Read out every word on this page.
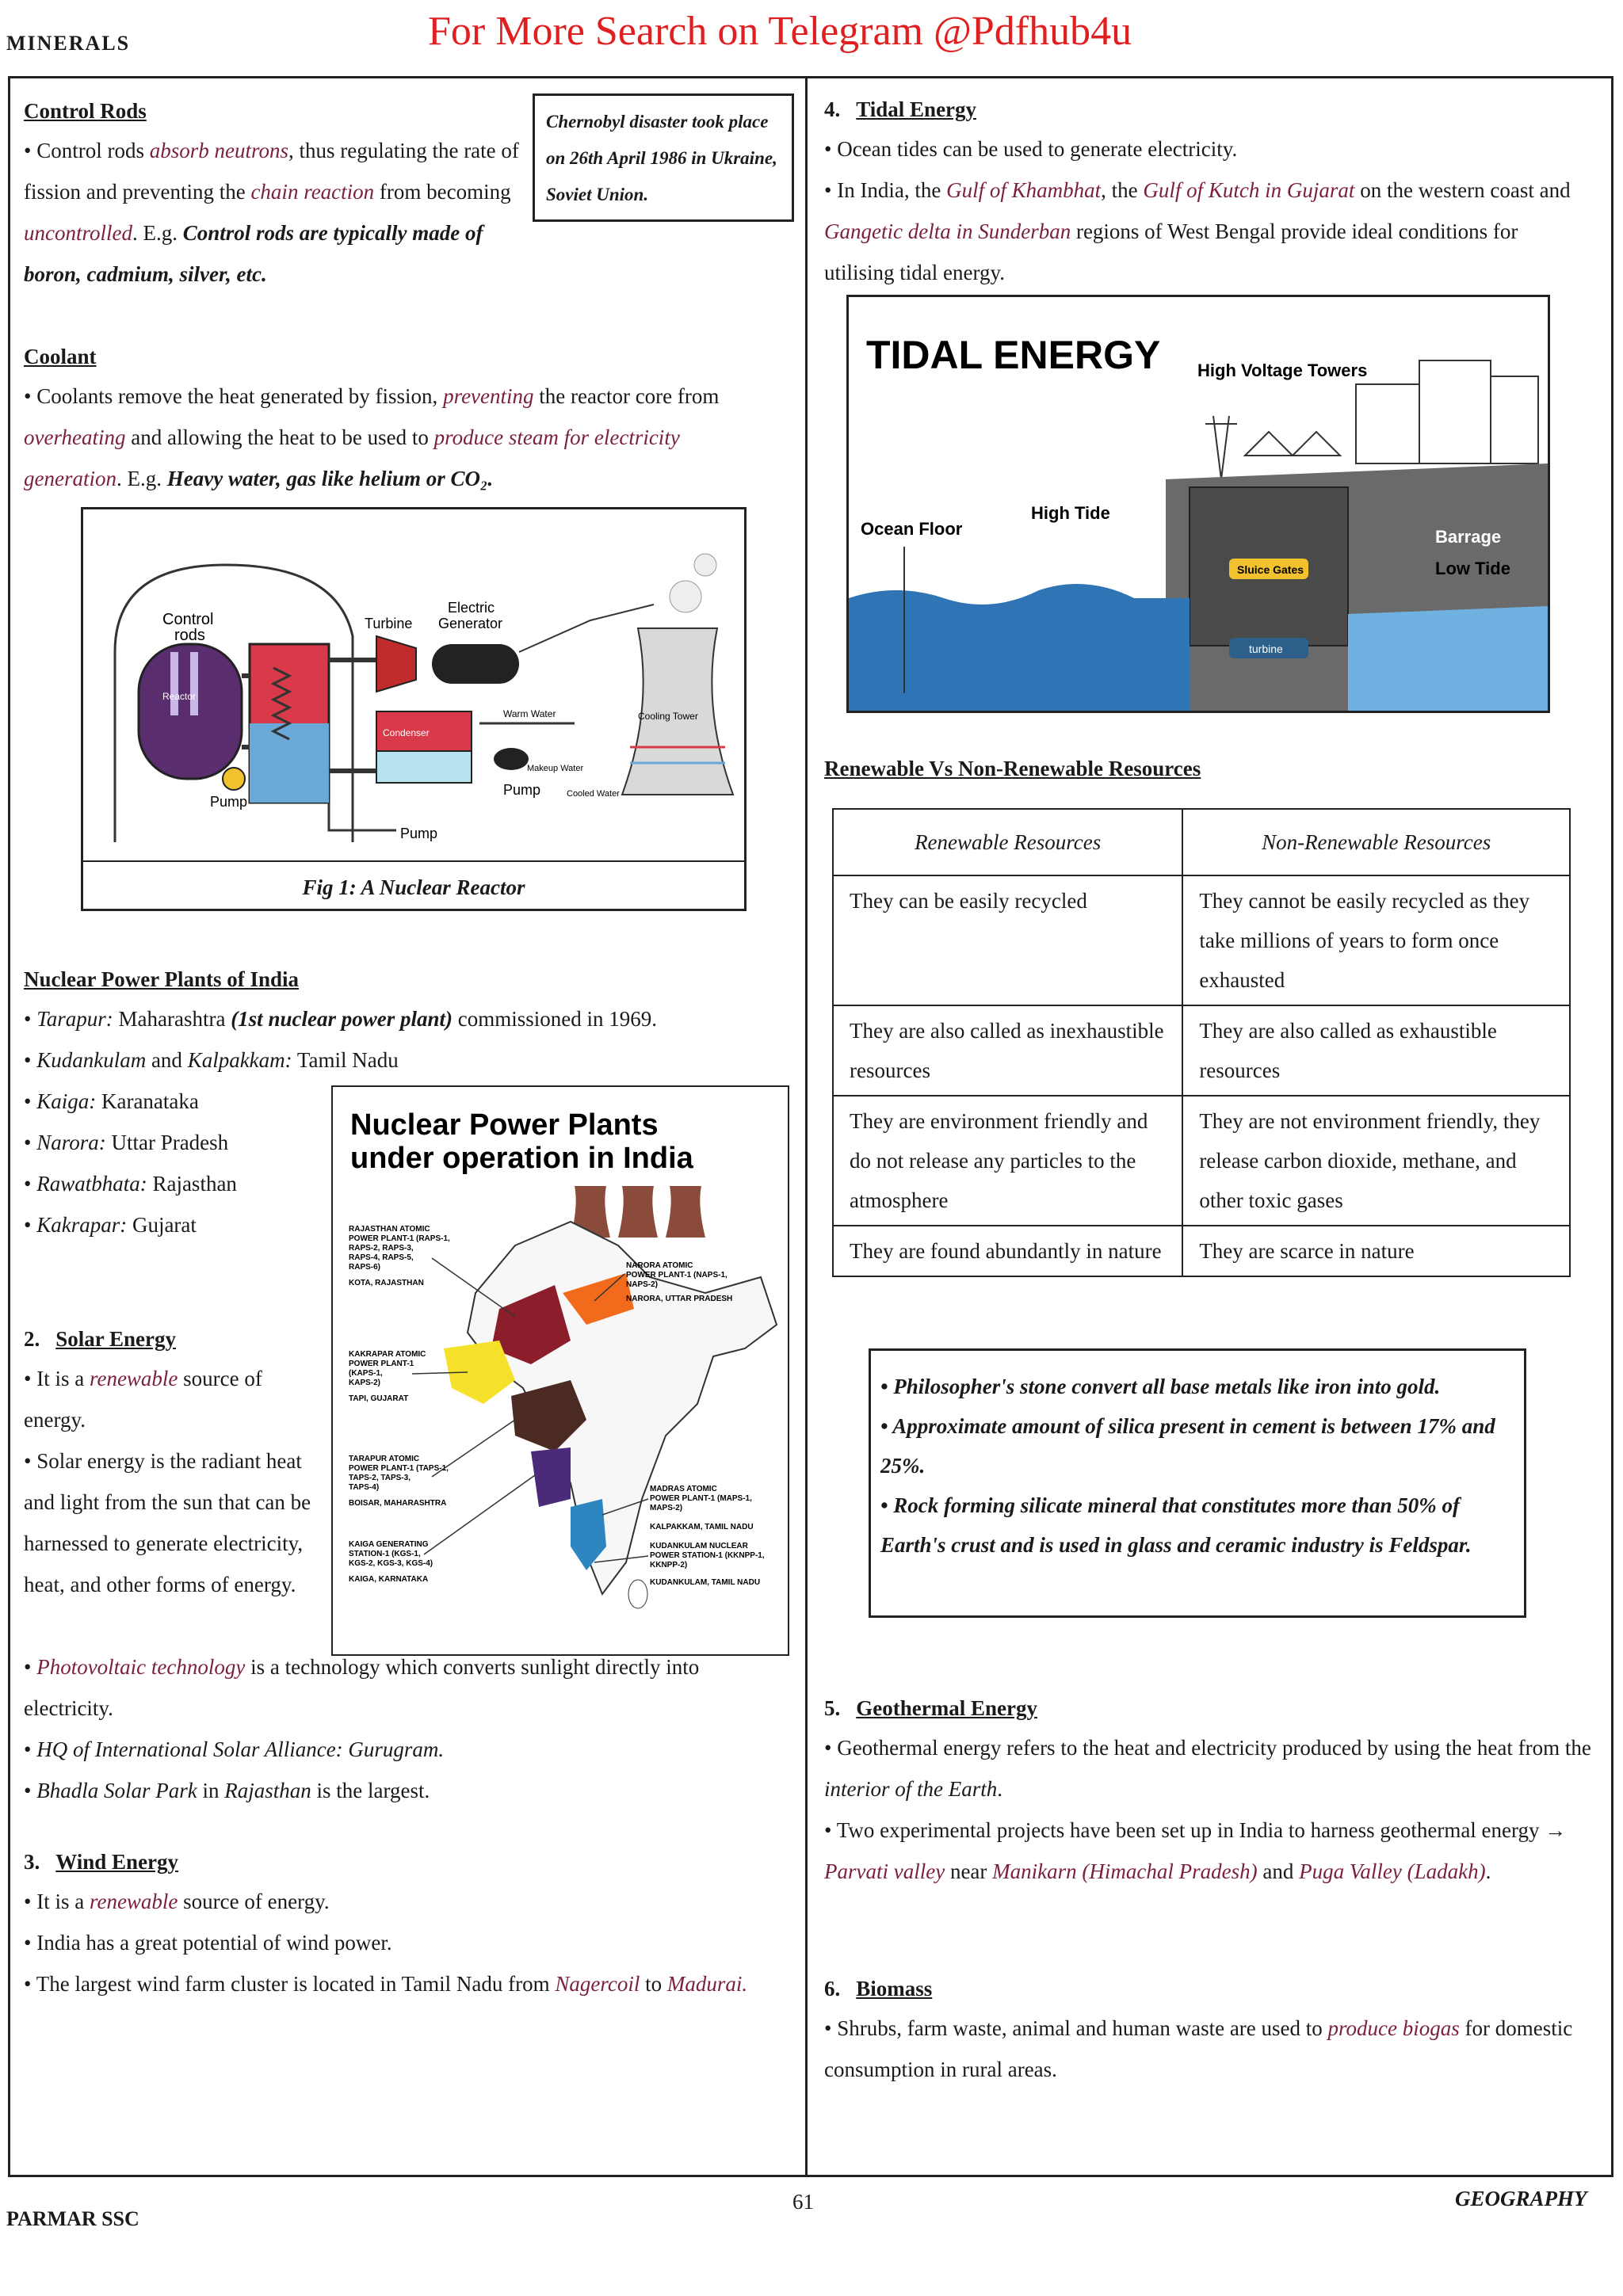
MINERALS	For More Search on Telegram @Pdfhub4u
Chernobyl disaster took place on 26th April 1986 in Ukraine, Soviet Union.
Control Rods

• Control rods absorb neutrons, thus regulating the rate of fission and preventing the chain reaction from becoming uncontrolled. E.g. Control rods are typically made of boron, cadmium, silver, etc.

Coolant

• Coolants remove the heat generated by fission, preventing the reactor core from overheating and allowing the heat to be used to produce steam for electricity generation. E.g. Heavy water, gas like helium or CO₂.

Reactor
Turbine
Electric
Generator
Condenser
Warm Water
Pump
Makeup Water
Cooled Water
Cooling Tower
Control
rods
Pump
Pump
Fig 1: A Nuclear Reactor
Nuclear Power Plants of India

• Tarapur: Maharashtra (1st nuclear power plant) commissioned in 1969.

• Kudankulam and Kalpakkam: Tamil Nadu

• Kaiga: Karanataka

• Narora: Uttar Pradesh

• Rawatbhata: Rajasthan

• Kakrapar: Gujarat

Nuclear Power Plants
under operation in India
RAJASTHAN ATOMIC
POWER PLANT-1 (RAPS-1,
RAPS-2, RAPS-3,
RAPS-4, RAPS-5,
RAPS-6)
KOTA, RAJASTHAN
KAKRAPAR ATOMIC
POWER PLANT-1
(KAPS-1,
KAPS-2)
TAPI, GUJARAT
TARAPUR ATOMIC
POWER PLANT-1 (TAPS-1,
TAPS-2, TAPS-3,
TAPS-4)
BOISAR, MAHARASHTRA
KAIGA GENERATING
STATION-1 (KGS-1,
KGS-2, KGS-3, KGS-4)
KAIGA, KARNATAKA
NARORA ATOMIC
POWER PLANT-1 (NAPS-1,
NAPS-2)
NARORA, UTTAR PRADESH
MADRAS ATOMIC
POWER PLANT-1 (MAPS-1,
MAPS-2)
KALPAKKAM, TAMIL NADU
KUDANKULAM NUCLEAR
POWER STATION-1 (KKNPP-1,
KKNPP-2)
KUDANKULAM, TAMIL NADU
2. Solar Energy

• It is a renewable source of energy.

• Solar energy is the radiant heat and light from the sun that can be harnessed to generate electricity, heat, and other forms of energy.

• Photovoltaic technology is a technology which converts sunlight directly into electricity.

• HQ of International Solar Alliance: Gurugram.

• Bhadla Solar Park in Rajasthan is the largest.

3. Wind Energy

• It is a renewable source of energy.

• India has a great potential of wind power.

• The largest wind farm cluster is located in Tamil Nadu from Nagercoil to Madurai.

4. Tidal Energy

• Ocean tides can be used to generate electricity.

• In India, the Gulf of Khambhat, the Gulf of Kutch in Gujarat on the western coast and Gangetic delta in Sunderban regions of West Bengal provide ideal conditions for utilising tidal energy.

TIDAL ENERGY High Voltage Towers
Sluice Gates
turbine
Ocean Floor
High Tide
Barrage
Low Tide
Renewable Vs Non-Renewable Resources
Renewable Resources	Non-Renewable Resources
They can be easily recycled	They cannot be easily recycled as they take millions of years to form once exhausted
They are also called as inexhaustible resources	They are also called as exhaustible resources
They are environment friendly and do not release any particles to the atmosphere	They are not environment friendly, they release carbon dioxide, methane, and other toxic gases
They are found abundantly in nature	They are scarce in nature

• Philosopher's stone convert all base metals like iron into gold.

• Approximate amount of silica present in cement is between 17% and 25%.

• Rock forming silicate mineral that constitutes more than 50% of Earth's crust and is used in glass and ceramic industry is Feldspar.

5. Geothermal Energy

• Geothermal energy refers to the heat and electricity produced by using the heat from the interior of the Earth.

• Two experimental projects have been set up in India to harness geothermal energy → Parvati valley near Manikarn (Himachal Pradesh) and Puga Valley (Ladakh).

6. Biomass

• Shrubs, farm waste, animal and human waste are used to produce biogas for domestic consumption in rural areas.

PARMAR SSC
61	GEOGRAPHY
